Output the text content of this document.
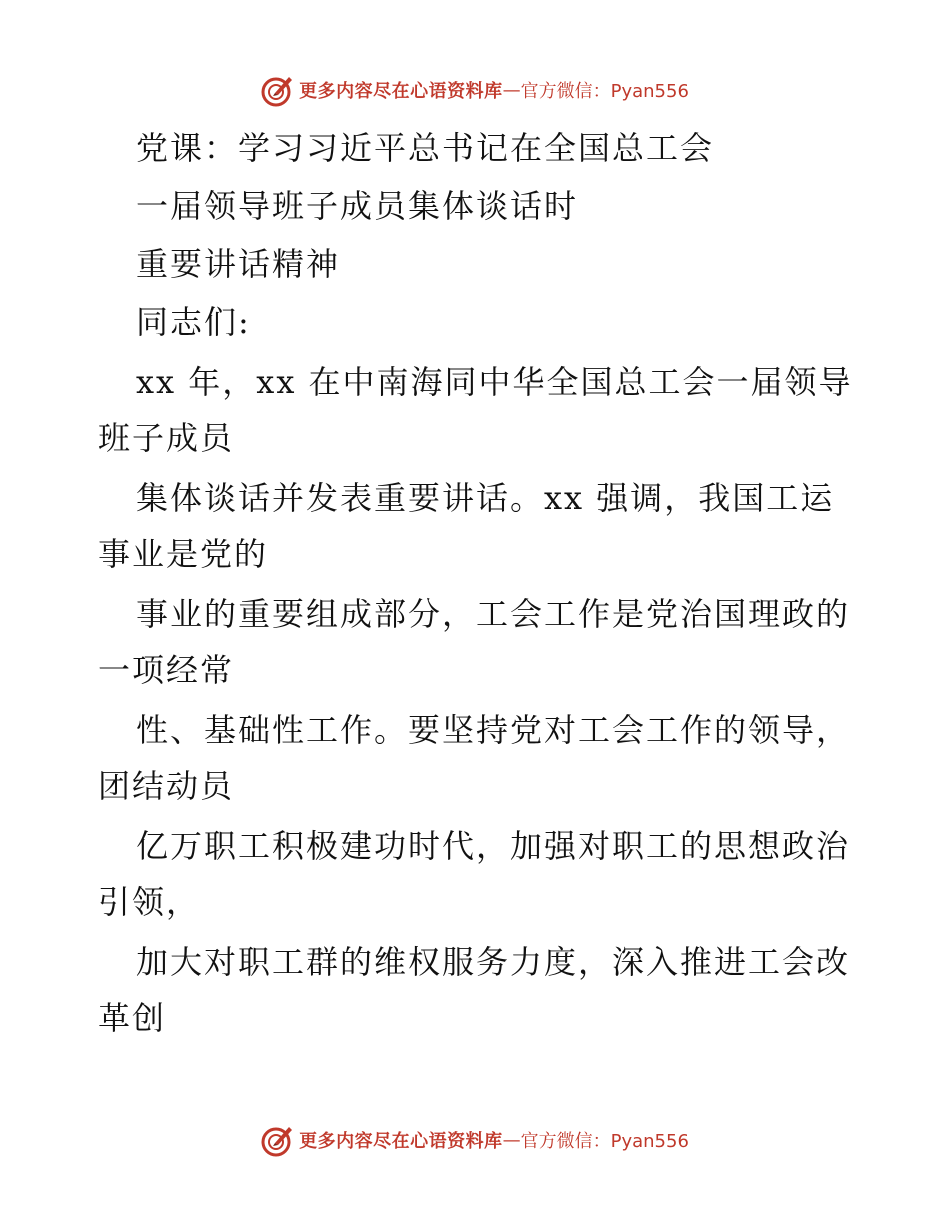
更多内容尽在心语资料库 — 官方微信：Pyan556
党课：学习习近平总书记在全国总工会
一届领导班子成员集体谈话时
重要讲话精神
同志们:
xx 年，xx 在中南海同中华全国总工会一届领导
班子成员
集体谈话并发表重要讲话。xx 强调，我国工运
事业是党的
事业的重要组成部分，工会工作是党治国理政的
一项经常
性、基础性工作。要坚持党对工会工作的领导，
团结动员
亿万职工积极建功时代，加强对职工的思想政治
引领，
加大对职工群的维权服务力度，深入推进工会改
革创
更多内容尽在心语资料库 — 官方微信：Pyan556
